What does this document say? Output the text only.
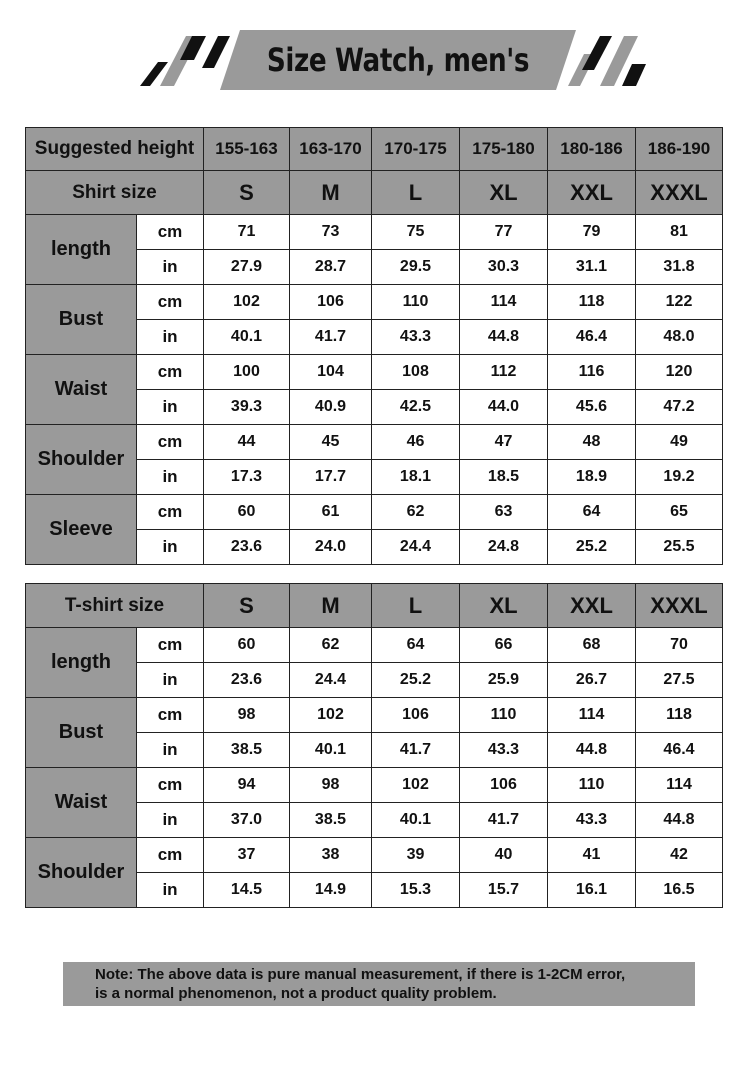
Size Watch, men's
Suggested height		155-163	163-170	170-175	175-180	180-186	186-190
Shirt size		S	M	L	XL	XXL	XXXL
length	cm	71	73	75	77	79	81
	in	27.9	28.7	29.5	30.3	31.1	31.8
Bust	cm	102	106	110	114	118	122
	in	40.1	41.7	43.3	44.8	46.4	48.0
Waist	cm	100	104	108	112	116	120
	in	39.3	40.9	42.5	44.0	45.6	47.2
Shoulder	cm	44	45	46	47	48	49
	in	17.3	17.7	18.1	18.5	18.9	19.2
Sleeve	cm	60	61	62	63	64	65
	in	23.6	24.0	24.4	24.8	25.2	25.5
T-shirt size		S	M	L	XL	XXL	XXXL
length	cm	60	62	64	66	68	70
	in	23.6	24.4	25.2	25.9	26.7	27.5
Bust	cm	98	102	106	110	114	118
	in	38.5	40.1	41.7	43.3	44.8	46.4
Waist	cm	94	98	102	106	110	114
	in	37.0	38.5	40.1	41.7	43.3	44.8
Shoulder	cm	37	38	39	40	41	42
	in	14.5	14.9	15.3	15.7	16.1	16.5
Note: The above data is pure manual measurement, if there is 1-2CM error,
is a normal phenomenon, not a product quality problem.
